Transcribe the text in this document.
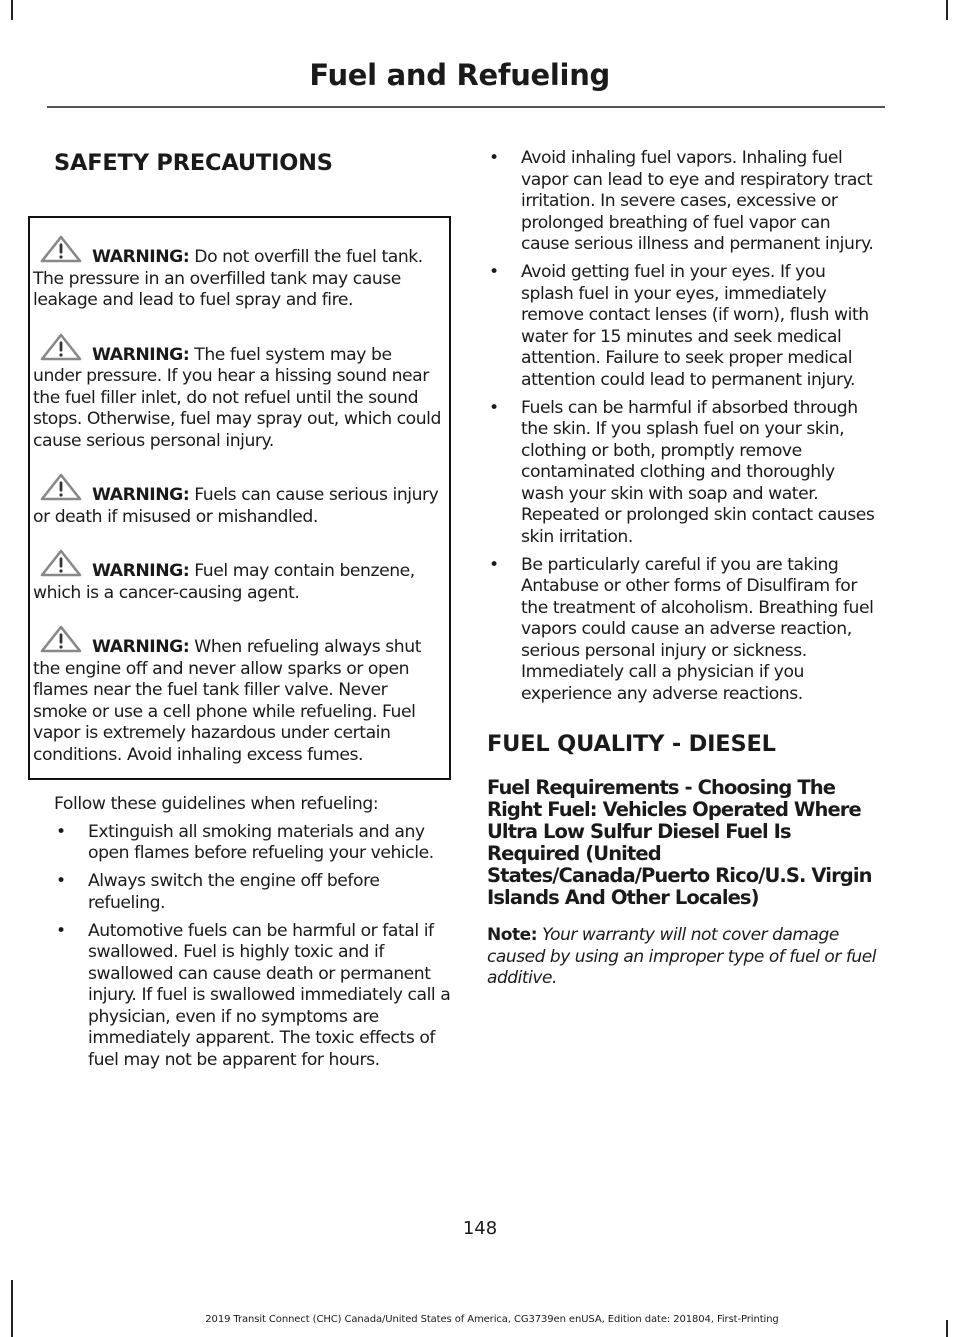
Fuel and Refueling
SAFETY PRECAUTIONS

WARNING: Do not overfill the fuel tank. The pressure in an overfilled tank may cause leakage and lead to fuel spray and fire.

WARNING: The fuel system may be under pressure. If you hear a hissing sound near the fuel filler inlet, do not refuel until the sound stops. Otherwise, fuel may spray out, which could cause serious personal injury.

WARNING: Fuels can cause serious injury or death if misused or mishandled.

WARNING: Fuel may contain benzene, which is a cancer-causing agent.

WARNING: When refueling always shut the engine off and never allow sparks or open flames near the fuel tank filler valve. Never smoke or use a cell phone while refueling. Fuel vapor is extremely hazardous under certain conditions. Avoid inhaling excess fumes.

Follow these guidelines when refueling:

• Extinguish all smoking materials and any open flames before refueling your vehicle.
• Always switch the engine off before refueling.
• Automotive fuels can be harmful or fatal if swallowed. Fuel is highly toxic and if swallowed can cause death or permanent injury. If fuel is swallowed immediately call a physician, even if no symptoms are immediately apparent. The toxic effects of fuel may not be apparent for hours.
• Avoid inhaling fuel vapors. Inhaling fuel vapor can lead to eye and respiratory tract irritation. In severe cases, excessive or prolonged breathing of fuel vapor can cause serious illness and permanent injury.
• Avoid getting fuel in your eyes. If you splash fuel in your eyes, immediately remove contact lenses (if worn), flush with water for 15 minutes and seek medical attention. Failure to seek proper medical attention could lead to permanent injury.
• Fuels can be harmful if absorbed through the skin. If you splash fuel on your skin, clothing or both, promptly remove contaminated clothing and thoroughly wash your skin with soap and water. Repeated or prolonged skin contact causes skin irritation.
• Be particularly careful if you are taking Antabuse or other forms of Disulfiram for the treatment of alcoholism. Breathing fuel vapors could cause an adverse reaction, serious personal injury or sickness. Immediately call a physician if you experience any adverse reactions.
FUEL QUALITY - DIESEL
Fuel Requirements - Choosing The Right Fuel: Vehicles Operated Where Ultra Low Sulfur Diesel Fuel Is Required (United States/Canada/Puerto Rico/U.S. Virgin Islands And Other Locales)

Note: Your warranty will not cover damage caused by using an improper type of fuel or fuel additive.

148
2019 Transit Connect (CHC) Canada/United States of America, CG3739en enUSA, Edition date: 201804, First-Printing
